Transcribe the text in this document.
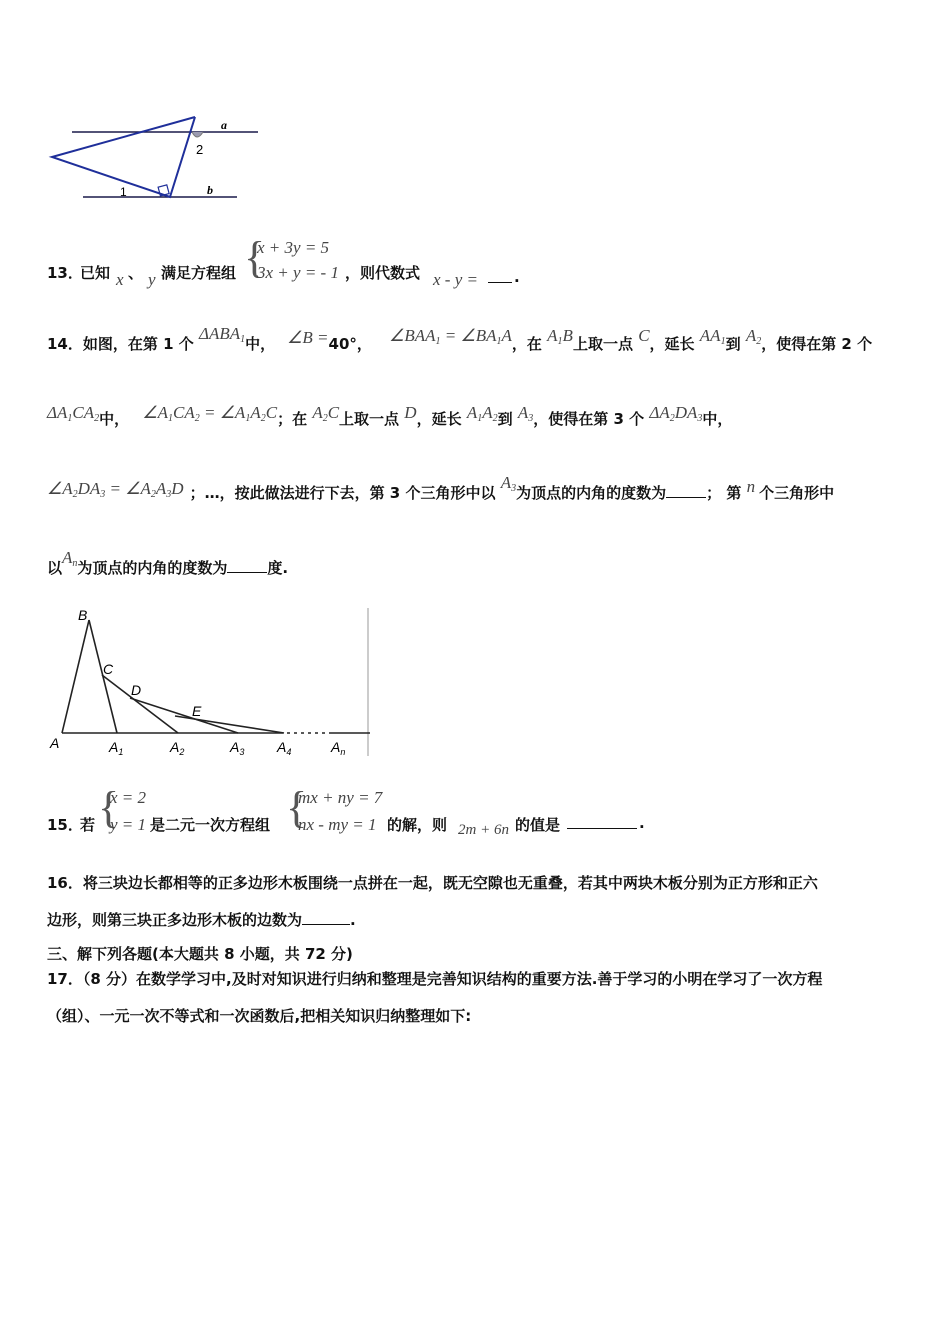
a
b
1
2
13．
已知 x 、 y 满足方程组 {
x + 3y = 5
3x + y = - 1 ，则代数式 x - y = .
14．如图，在第 1 个 $\Delta ABA_1$中， ∠B =40°， $\angle BAA_1$ = $\angle BA_1A$，在 $A_1B$上取一点 C，延长 $AA_1$到 $A_2$，使得在第 2 个
$\Delta A_1CA_2$中， $\angle A_1CA_2$ = $\angle A_1A_2C$；在 $A_2C$上取一点 D，延长 $A_1A_2$到 $A_3$，使得在第 3 个 $\Delta A_2DA_3$中，
$\angle A_2DA_3$ = $\angle A_2A_3D$ ；…，按此做法进行下去，第 3 个三角形中以 $A_3$为顶点的内角的度数为	； 第 n 个三角形中
以$A_n$为顶点的内角的度数为	度.
B
C
D
E
A	$A_1$	$A_2$	$A_3$ $A_4$	$A_n$
15．
若 {
x = 2
y = 1 是二元一次方程组 {
mx + ny = 7
nx - my = 1 的解，则 2m + 6n 的值是	.
16．将三块边长都相等的正多边形木板围绕一点拼在一起，既无空隙也无重叠，若其中两块木板分别为正方形和正六
边形，则第三块正多边形木板的边数为	.
三、解下列各题(本大题共 8 小题，共 72 分)
17．（8 分）在数学学习中,及时对知识进行归纳和整理是完善知识结构的重要方法.善于学习的小明在学习了一次方程
（组）、一元一次不等式和一次函数后,把相关知识归纳整理如下:
